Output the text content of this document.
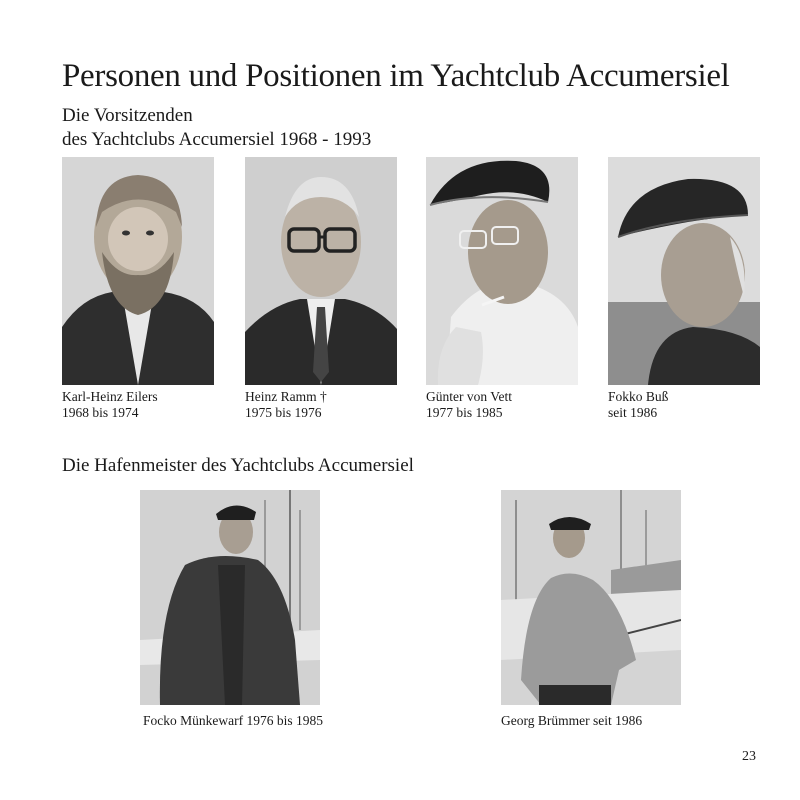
Personen und Positionen im Yachtclub Accumersiel
Die Vorsitzenden
des Yachtclubs Accumersiel 1968 - 1993
Karl-Heinz Eilers
1968 bis 1974
Heinz Ramm †
1975 bis 1976
Günter von Vett
1977 bis 1985
Fokko Buß
seit 1986
Die Hafenmeister des Yachtclubs Accumersiel
Focko Münkewarf 1976 bis 1985	Georg Brümmer seit 1986
23
